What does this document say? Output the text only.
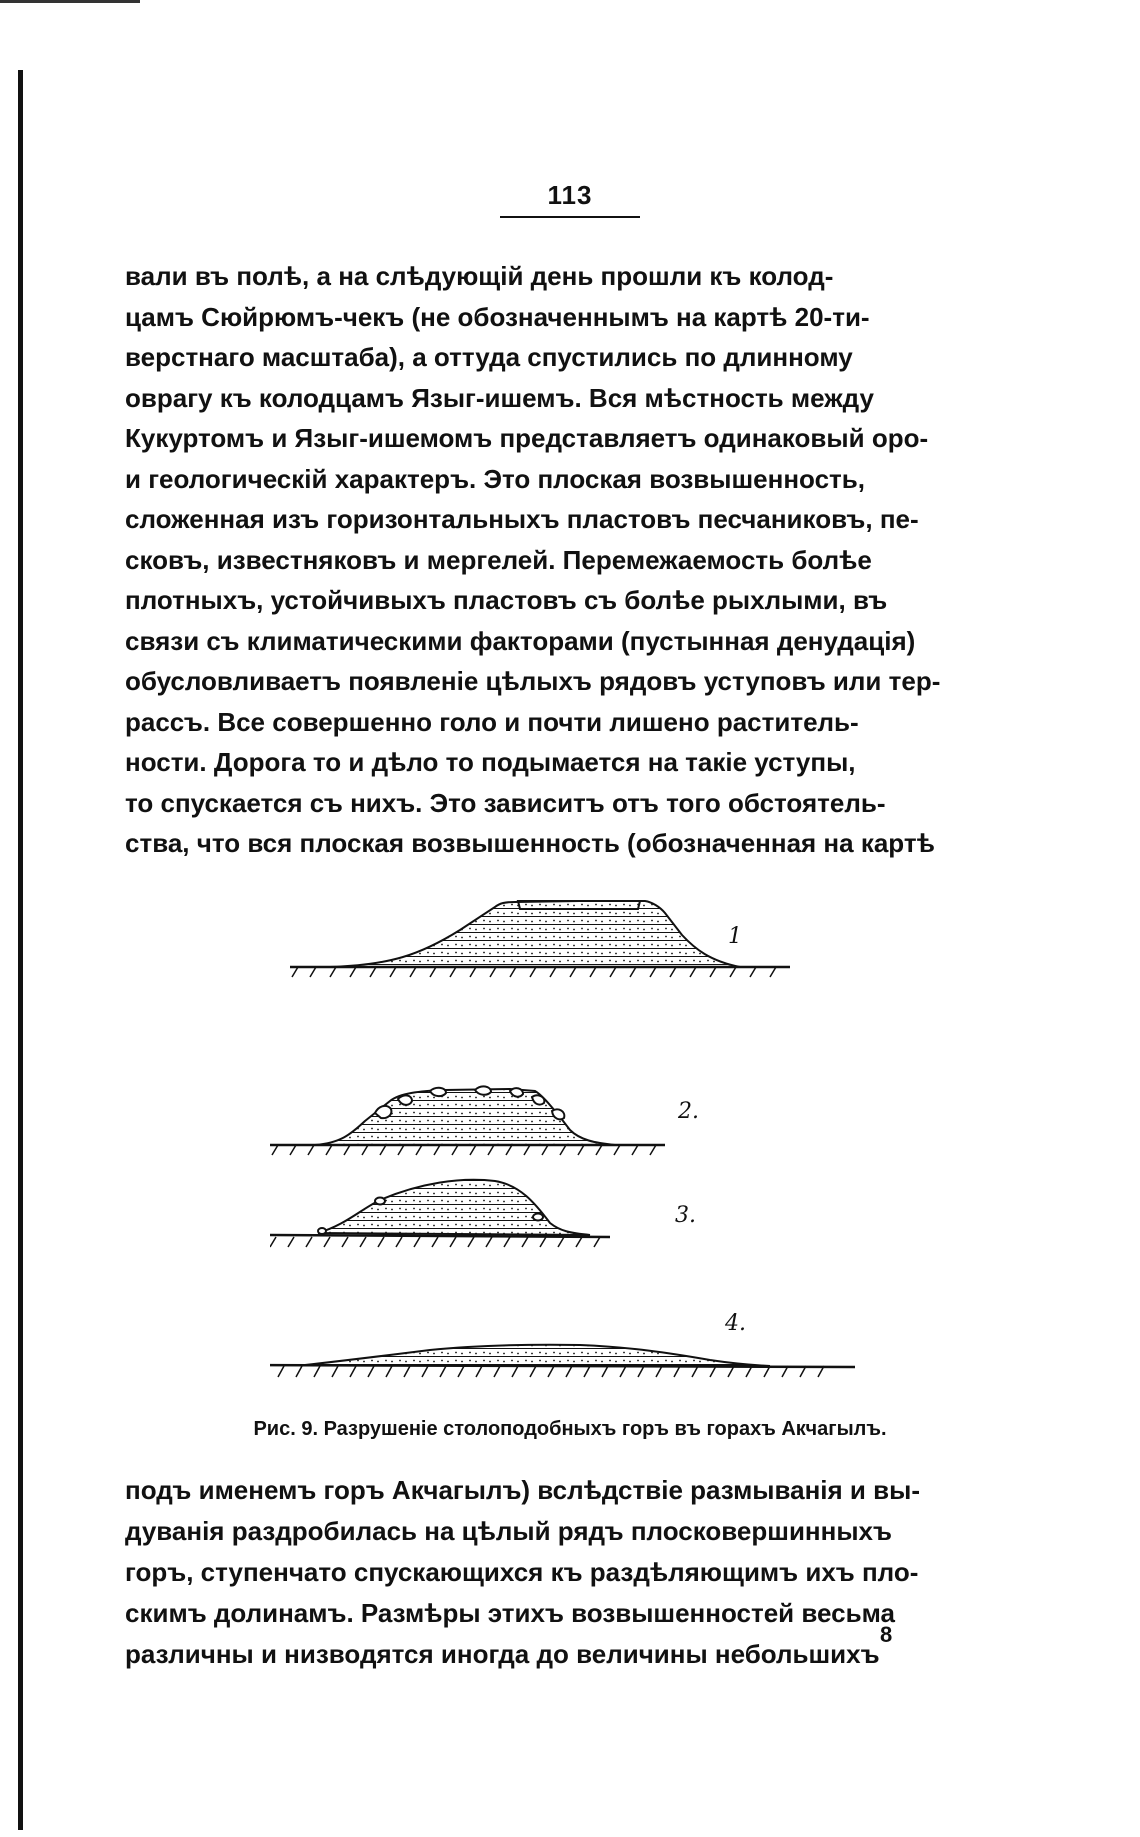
113
вали въ полѣ, а на слѣдующій день прошли къ колод-
цамъ Сюйрюмъ-чекъ (не обозначеннымъ на картѣ 20-ти-
верстнаго масштаба), а оттуда спустились по длинному
оврагу къ колодцамъ Языг-ишемъ. Вся мѣстность между
Кукуртомъ и Языг-ишемомъ представляетъ одинаковый оро-
и геологическій характеръ. Это плоская возвышенность,
сложенная изъ горизонтальныхъ пластовъ песчаниковъ, пе-
сковъ, известняковъ и мергелей. Перемежаемость болѣе
плотныхъ, устойчивыхъ пластовъ съ болѣе рыхлыми, въ
связи съ климатическими факторами (пустынная денудація)
обусловливаетъ появленіе цѣлыхъ рядовъ уступовъ или тер-
рассъ. Все совершенно голо и почти лишено раститель-
ности. Дорога то и дѣло то подымается на такіе уступы,
то спускается съ нихъ. Это зависитъ отъ того обстоятель-
ства, что вся плоская возвышенность (обозначенная на картѣ
1
2.
3.
4.
Рис. 9. Разрушеніе столоподобныхъ горъ въ горахъ Акчагылъ.
подъ именемъ горъ Акчагылъ) вслѣдствіе размыванія и вы-
дуванія раздробилась на цѣлый рядъ плосковершинныхъ
горъ, ступенчато спускающихся къ раздѣляющимъ ихъ пло-
скимъ долинамъ. Размѣры этихъ возвышенностей весьма
различны и низводятся иногда до величины небольшихъ
8
